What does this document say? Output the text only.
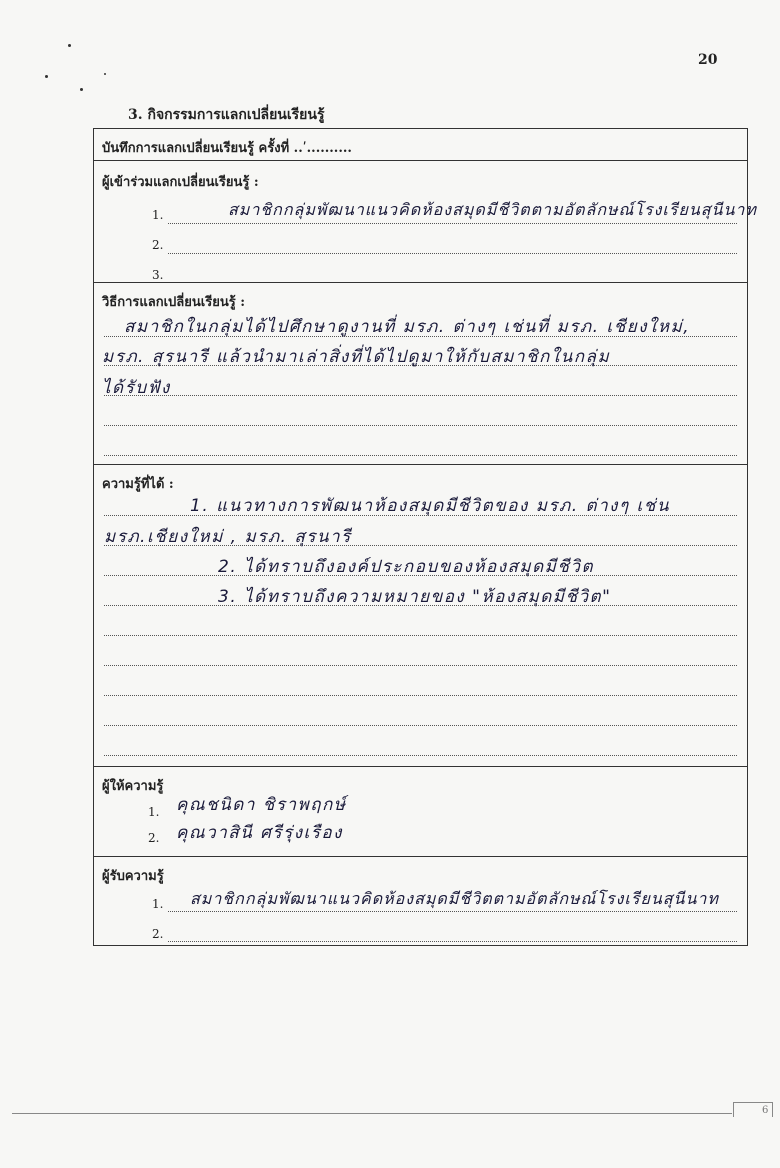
20
3. กิจกรรมการแลกเปลี่ยนเรียนรู้
บันทึกการแลกเปลี่ยนเรียนรู้ ครั้งที่ ..ʹ..........
ผู้เข้าร่วมแลกเปลี่ยนเรียนรู้ :
1.	สมาชิกกลุ่มพัฒนาแนวคิดห้องสมุดมีชีวิตตามอัตลักษณ์โรงเรียนสุนีนาท
2.
3.
วิธีการแลกเปลี่ยนเรียนรู้ :
สมาชิกในกลุ่มได้ไปศึกษาดูงานที่ มรภ. ต่างๆ เช่นที่ มรภ. เชียงใหม่,
มรภ. สุรนารี แล้วนำมาเล่าสิ่งที่ได้ไปดูมาให้กับสมาชิกในกลุ่ม
ได้รับฟัง
ความรู้ที่ได้ :
1. แนวทางการพัฒนาห้องสมุดมีชีวิตของ มรภ. ต่างๆ เช่น
มรภ.เชียงใหม่ , มรภ. สุรนารี
2. ได้ทราบถึงองค์ประกอบของห้องสมุดมีชีวิต
3. ได้ทราบถึงความหมายของ "ห้องสมุดมีชีวิต"
ผู้ให้ความรู้
1. คุณชนิดา ชิราพฤกษ์
2. คุณวาสินี ศรีรุ่งเรือง
ผู้รับความรู้
1. สมาชิกกลุ่มพัฒนาแนวคิดห้องสมุดมีชีวิตตามอัตลักษณ์โรงเรียนสุนีนาท
2.
6
